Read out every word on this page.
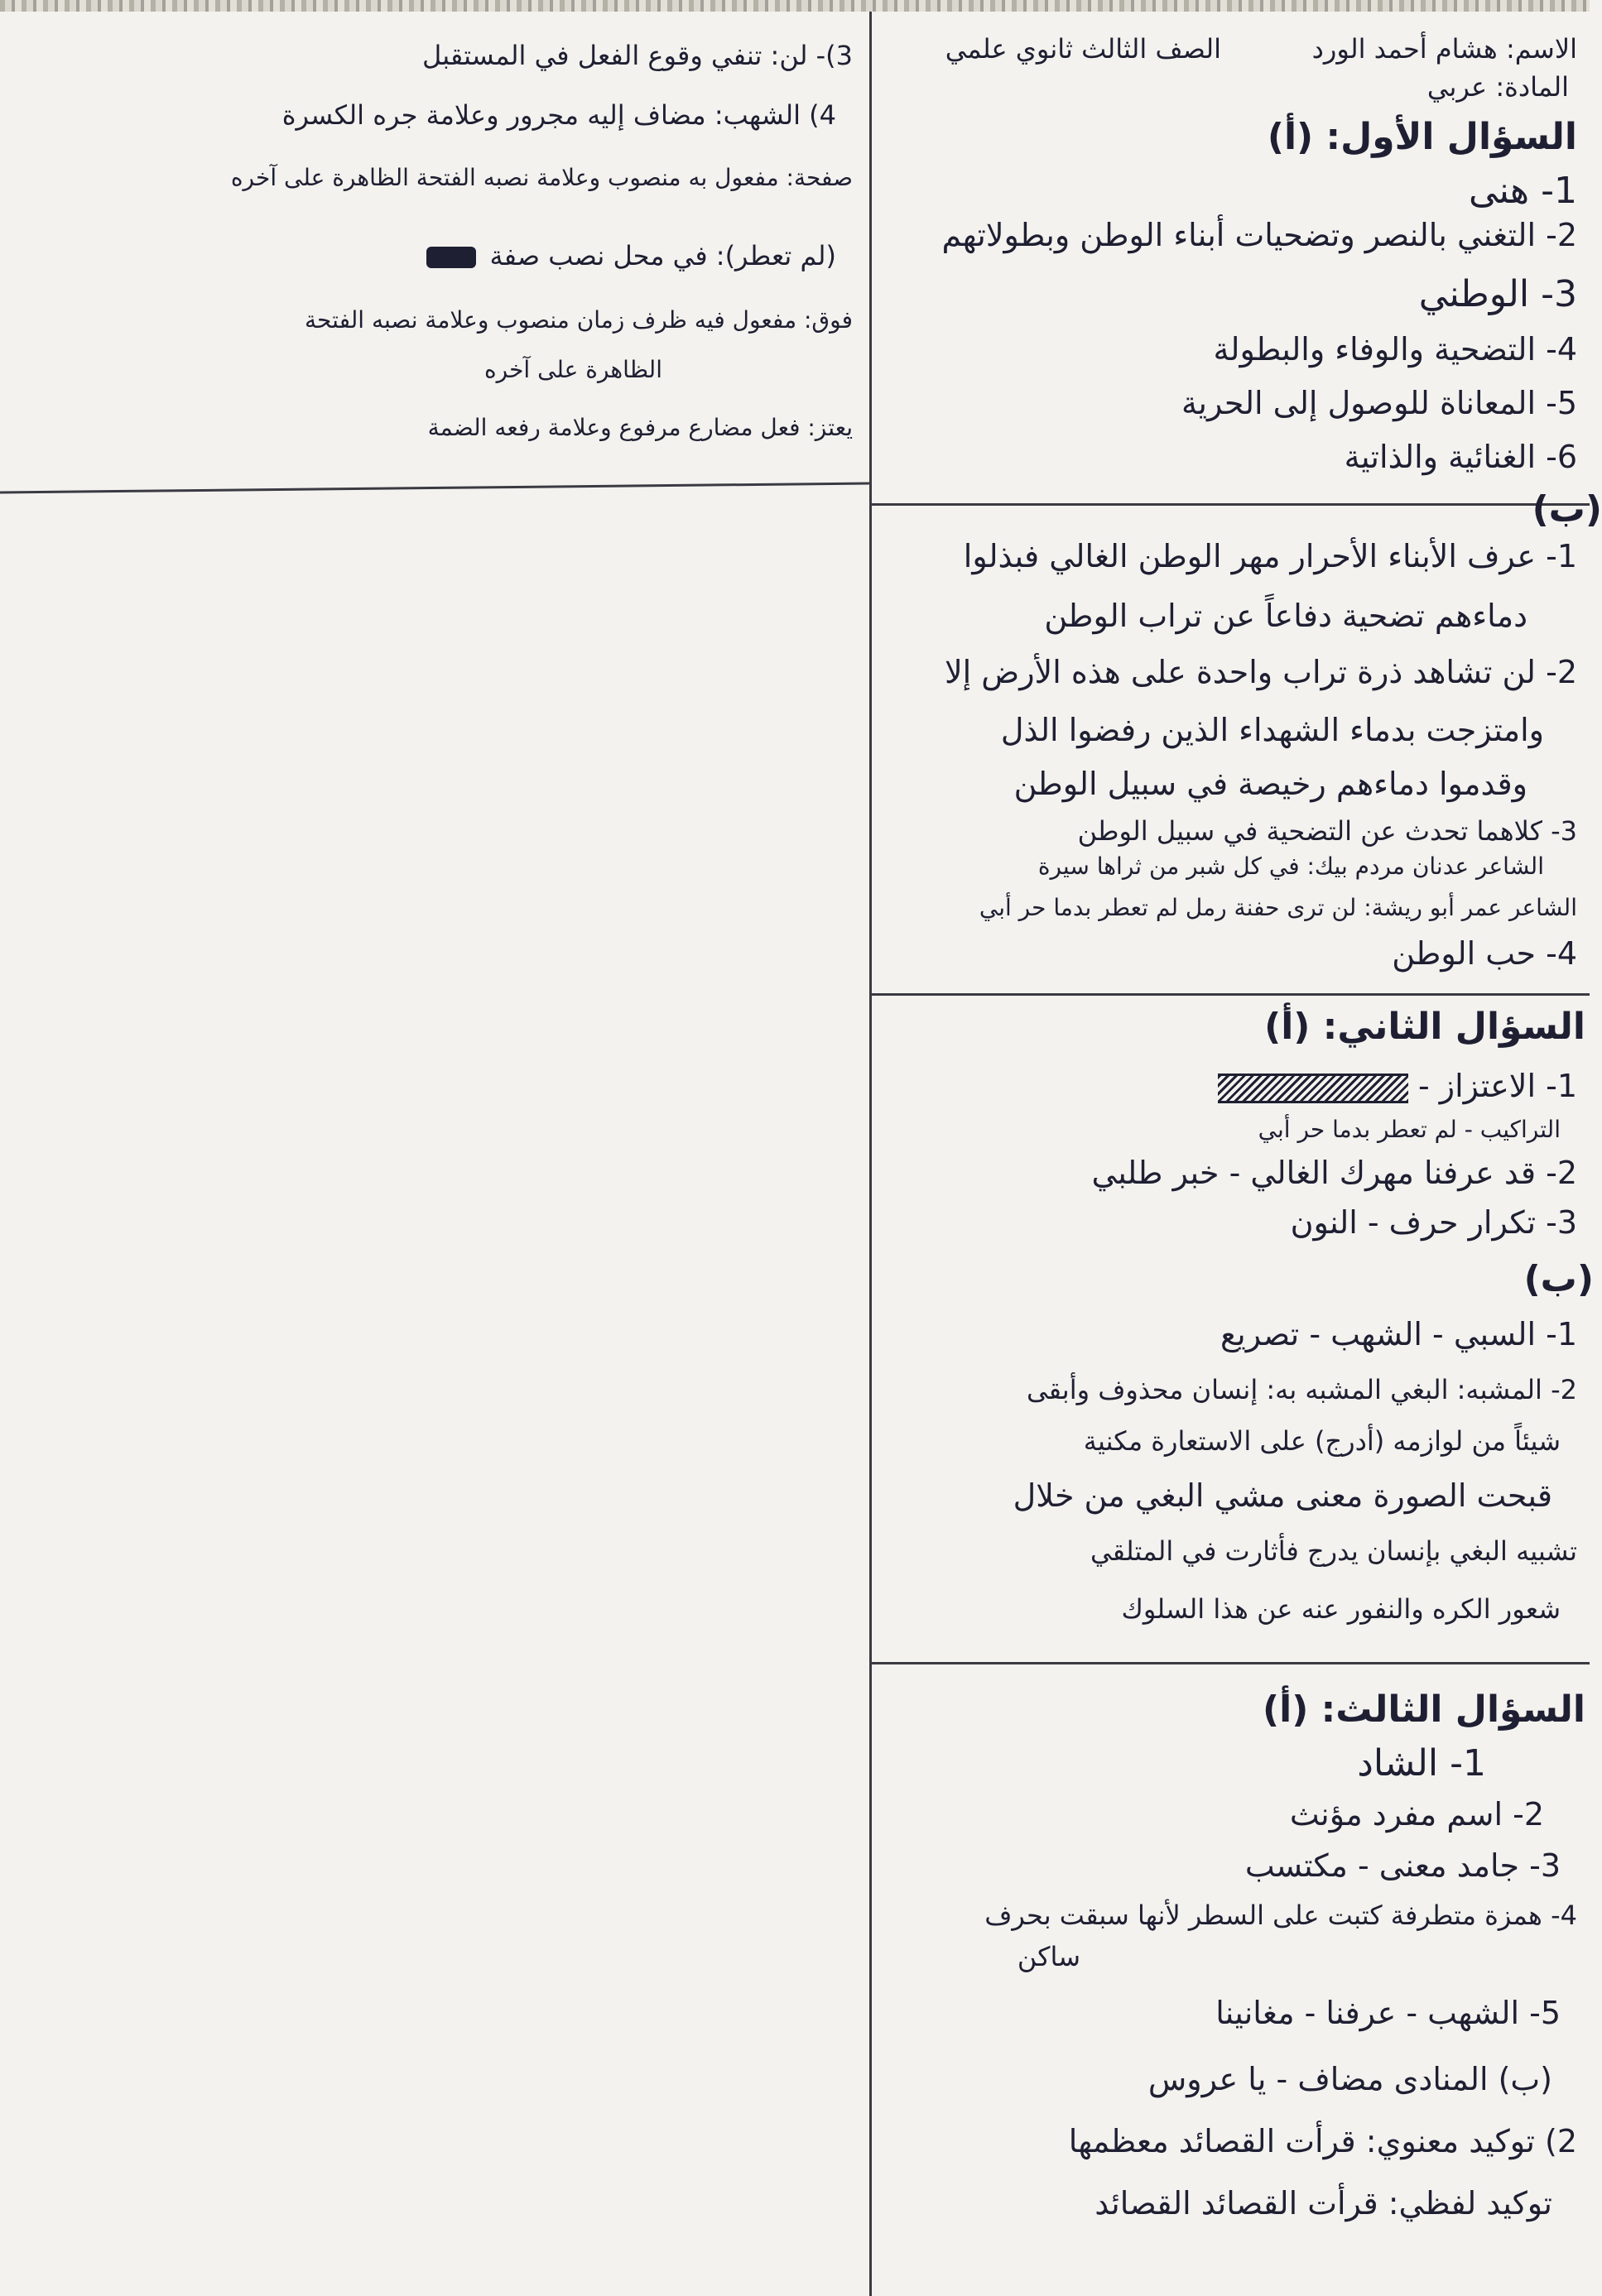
الاسم: هشام أحمد الورد
الصف الثالث ثانوي علمي
المادة: عربي
السؤال الأول: (أ)
1- هنى
2- التغني بالنصر وتضحيات أبناء الوطن وبطولاتهم
3- الوطني
4- التضحية والوفاء والبطولة
5- المعاناة للوصول إلى الحرية
6- الغنائية والذاتية
(ب)
1- عرف الأبناء الأحرار مهر الوطن الغالي فبذلوا
دماءهم تضحية دفاعاً عن تراب الوطن
2- لن تشاهد ذرة تراب واحدة على هذه الأرض إلا
وامتزجت بدماء الشهداء الذين رفضوا الذل
وقدموا دماءهم رخيصة في سبيل الوطن
3- كلاهما تحدث عن التضحية في سبيل الوطن
الشاعر عدنان مردم بيك: في كل شبر من ثراها سيرة
الشاعر عمر أبو ريشة: لن ترى حفنة رمل لم تعطر بدما حر أبي
4- حب الوطن
السؤال الثاني: (أ)
1- الاعتزاز -
التراكيب - لم تعطر بدما حر أبي
2- قد عرفنا مهرك الغالي - خبر طلبي
3- تكرار حرف - النون
(ب)
1- السبي - الشهب - تصريع
2- المشبه: البغي المشبه به: إنسان محذوف وأبقى
شيئاً من لوازمه (أدرج) على الاستعارة مكنية
قبحت الصورة معنى مشي البغي من خلال
تشبيه البغي بإنسان يدرج فأثارت في المتلقي
شعور الكره والنفور عنه عن هذا السلوك
السؤال الثالث: (أ)
1- الشاد
2- اسم مفرد مؤنث
3- جامد معنى - مكتسب
4- همزة متطرفة كتبت على السطر لأنها سبقت بحرف
ساكن
5- الشهب - عرفنا - مغانينا
(ب) المنادى مضاف - يا عروس
2) توكيد معنوي: قرأت القصائد معظمها
توكيد لفظي: قرأت القصائد القصائد
3)- لن: تنفي وقوع الفعل في المستقبل
4) الشهب: مضاف إليه مجرور وعلامة جره الكسرة
صفحة: مفعول به منصوب وعلامة نصبه الفتحة الظاهرة على آخره
(لم تعطر): في محل نصب صفة
فوق: مفعول فيه ظرف زمان منصوب وعلامة نصبه الفتحة
الظاهرة على آخره
يعتز: فعل مضارع مرفوع وعلامة رفعه الضمة
